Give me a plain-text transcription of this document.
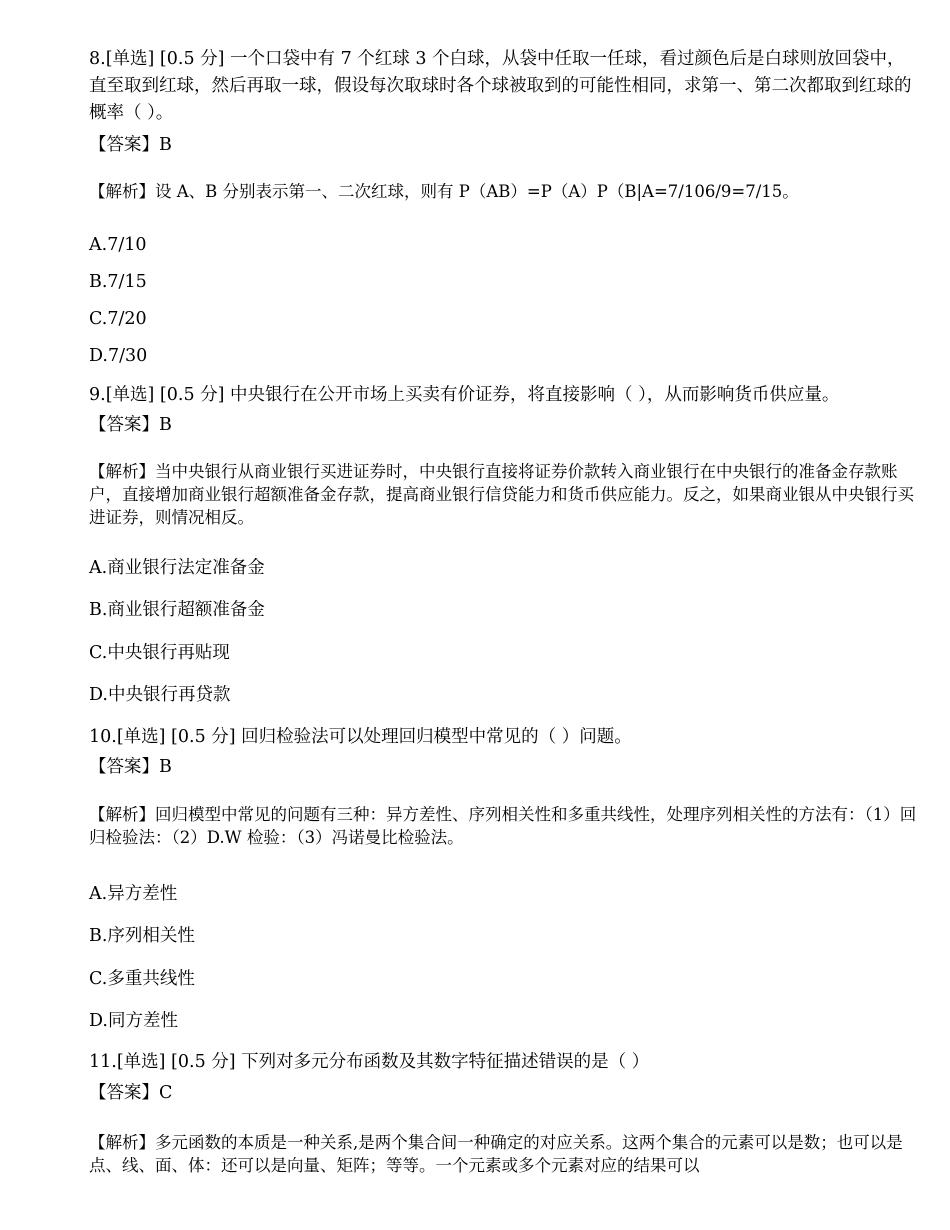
8.[单选] [0.5 分] 一个口袋中有 7 个红球 3 个白球，从袋中任取一任球，看过颜色后是白球则放回袋中，直至取到红球，然后再取一球，假设每次取球时各个球被取到的可能性相同，求第一、第二次都取到红球的概率（ ）。

【答案】B

【解析】设 A、B 分别表示第一、二次红球，则有 P（AB）=P（A）P（B|A=7/106/9=7/15。

A.7/10
B.7/15
C.7/20
D.7/30

9.[单选] [0.5 分] 中央银行在公开市场上买卖有价证券，将直接影响（ ），从而影响货币供应量。

【答案】B

【解析】当中央银行从商业银行买进证券时，中央银行直接将证券价款转入商业银行在中央银行的准备金存款账户，直接增加商业银行超额准备金存款，提高商业银行信贷能力和货币供应能力。反之，如果商业银从中央银行买进证券，则情况相反。

A.商业银行法定准备金
B.商业银行超额准备金
C.中央银行再贴现
D.中央银行再贷款

10.[单选] [0.5 分] 回归检验法可以处理回归模型中常见的（ ）问题。

【答案】B

【解析】回归模型中常见的问题有三种：异方差性、序列相关性和多重共线性，处理序列相关性的方法有：（1）回归检验法：（2）D.W 检验：（3）冯诺曼比检验法。

A.异方差性
B.序列相关性
C.多重共线性
D.同方差性

11.[单选] [0.5 分] 下列对多元分布函数及其数字特征描述错误的是（ ）

【答案】C

【解析】多元函数的本质是一种关系,是两个集合间一种确定的对应关系。这两个集合的元素可以是数；也可以是点、线、面、体：还可以是向量、矩阵；等等。一个元素或多个元素对应的结果可以
